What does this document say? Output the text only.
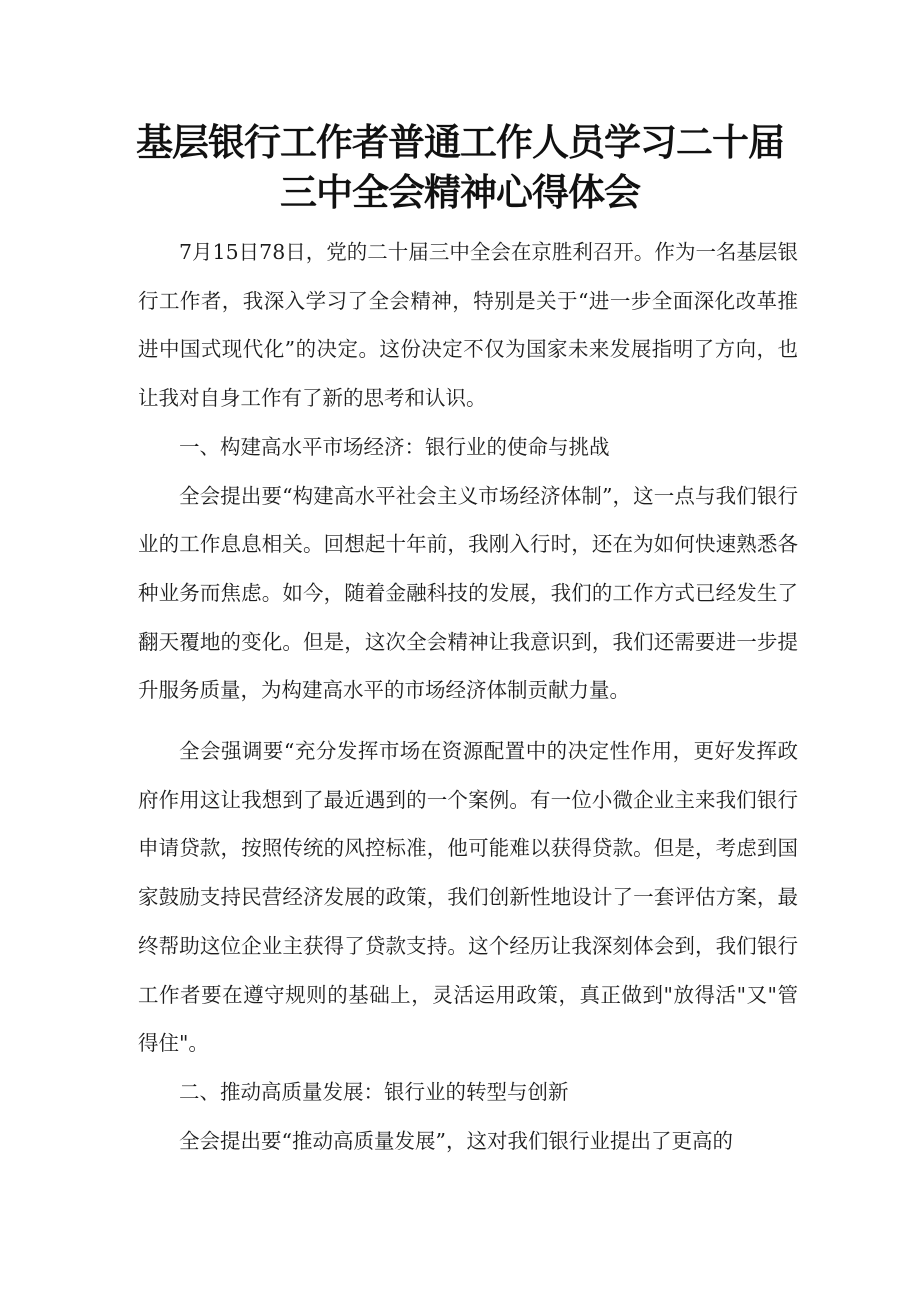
基层银行工作者普通工作人员学习二十届
三中全会精神心得体会

7月15日78日，党的二十届三中全会在京胜利召开。作为一名基层银行工作者，我深入学习了全会精神，特别是关于“进一步全面深化改革推进中国式现代化”的决定。这份决定不仅为国家未来发展指明了方向，也让我对自身工作有了新的思考和认识。

一、构建高水平市场经济：银行业的使命与挑战

全会提出要“构建高水平社会主义市场经济体制”，这一点与我们银行业的工作息息相关。回想起十年前，我刚入行时，还在为如何快速熟悉各种业务而焦虑。如今，随着金融科技的发展，我们的工作方式已经发生了翻天覆地的变化。但是，这次全会精神让我意识到，我们还需要进一步提升服务质量，为构建高水平的市场经济体制贡献力量。

全会强调要“充分发挥市场在资源配置中的决定性作用，更好发挥政府作用这让我想到了最近遇到的一个案例。有一位小微企业主来我们银行申请贷款，按照传统的风控标准，他可能难以获得贷款。但是，考虑到国家鼓励支持民营经济发展的政策，我们创新性地设计了一套评估方案，最终帮助这位企业主获得了贷款支持。这个经历让我深刻体会到，我们银行工作者要在遵守规则的基础上，灵活运用政策，真正做到"放得活"又"管得住"。

二、推动高质量发展：银行业的转型与创新

全会提出要“推动高质量发展”，这对我们银行业提出了更高的
